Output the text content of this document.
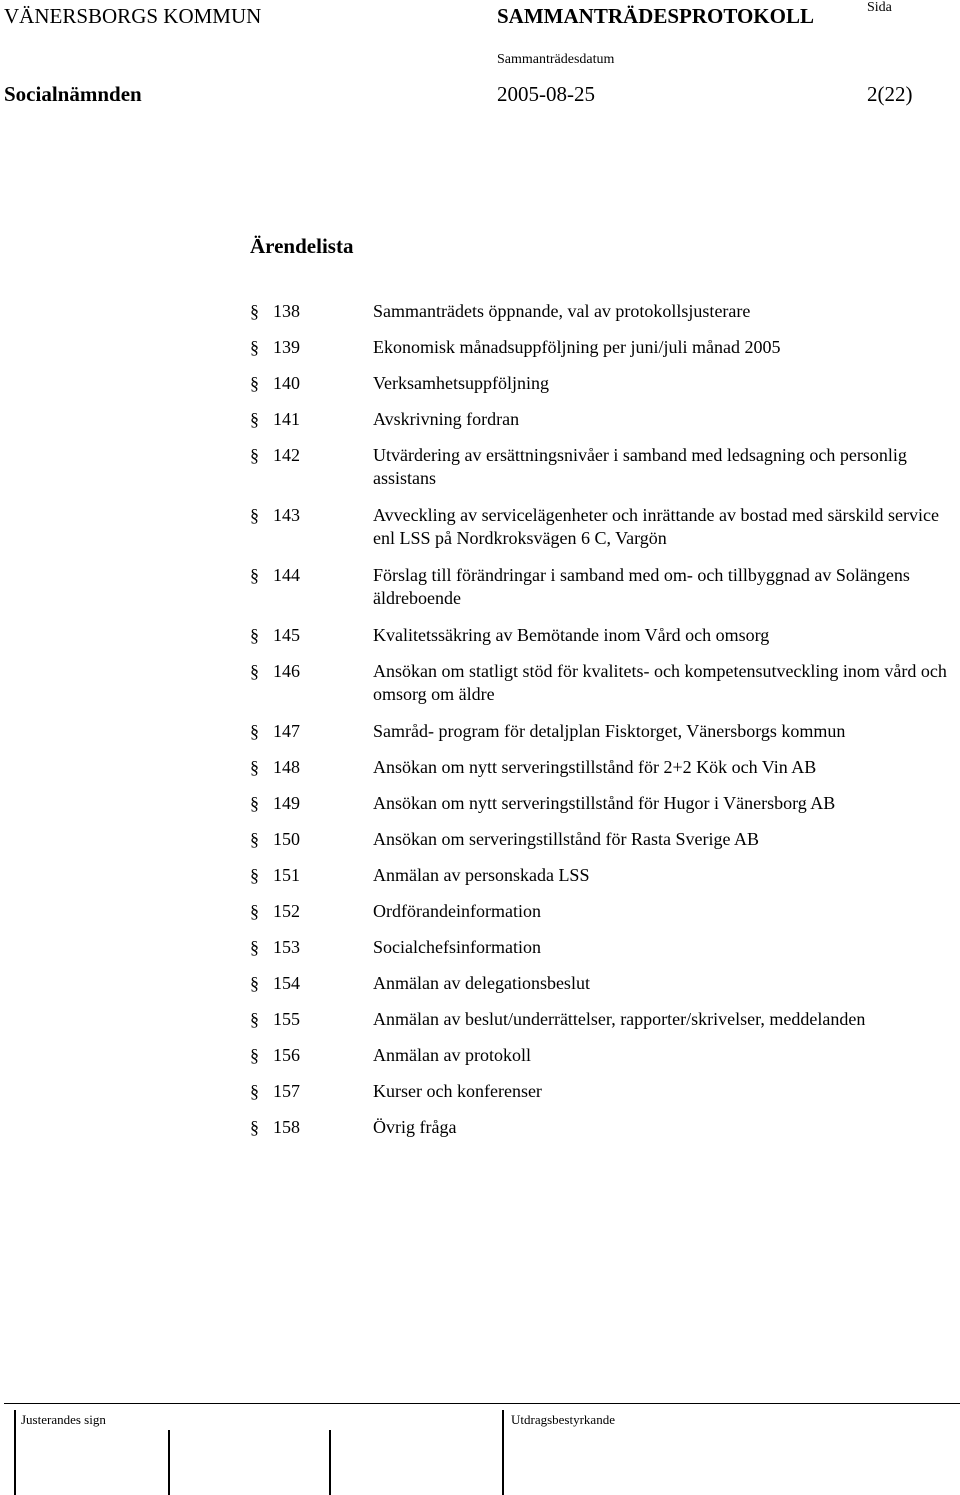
VÄNERSBORGS KOMMUN	SAMMANTRÄDESPROTOKOLL	Sida
Sammanträdesdatum
Socialnämnden	2005-08-25	2(22)
Ärendelista
§ 138	Sammanträdets öppnande, val av protokollsjusterare
§ 139	Ekonomisk månadsuppföljning per juni/juli månad 2005
§ 140	Verksamhetsuppföljning
§ 141	Avskrivning fordran
§ 142	Utvärdering av ersättningsnivåer i samband med ledsagning och personlig assistans
§ 143	Avveckling av servicelägenheter och inrättande av bostad med särskild service enl LSS på Nordkroksvägen 6 C, Vargön
§ 144	Förslag till förändringar i samband med om- och tillbyggnad av Solängens äldreboende
§ 145	Kvalitetssäkring av Bemötande inom Vård och omsorg
§ 146	Ansökan om statligt stöd för kvalitets- och kompetensutveckling inom vård och omsorg om äldre
§ 147	Samråd- program för detaljplan Fisktorget, Vänersborgs kommun
§ 148	Ansökan om nytt serveringstillstånd för 2+2 Kök och Vin AB
§ 149	Ansökan om nytt serveringstillstånd för Hugor i Vänersborg AB
§ 150	Ansökan om serveringstillstånd för Rasta Sverige AB
§ 151	Anmälan av personskada LSS
§ 152	Ordförandeinformation
§ 153	Socialchefsinformation
§ 154	Anmälan av delegationsbeslut
§ 155	Anmälan av beslut/underrättelser, rapporter/skrivelser, meddelanden
§ 156	Anmälan av protokoll
§ 157	Kurser och konferenser
§ 158	Övrig fråga
Justerandes sign	Utdragsbestyrkande
